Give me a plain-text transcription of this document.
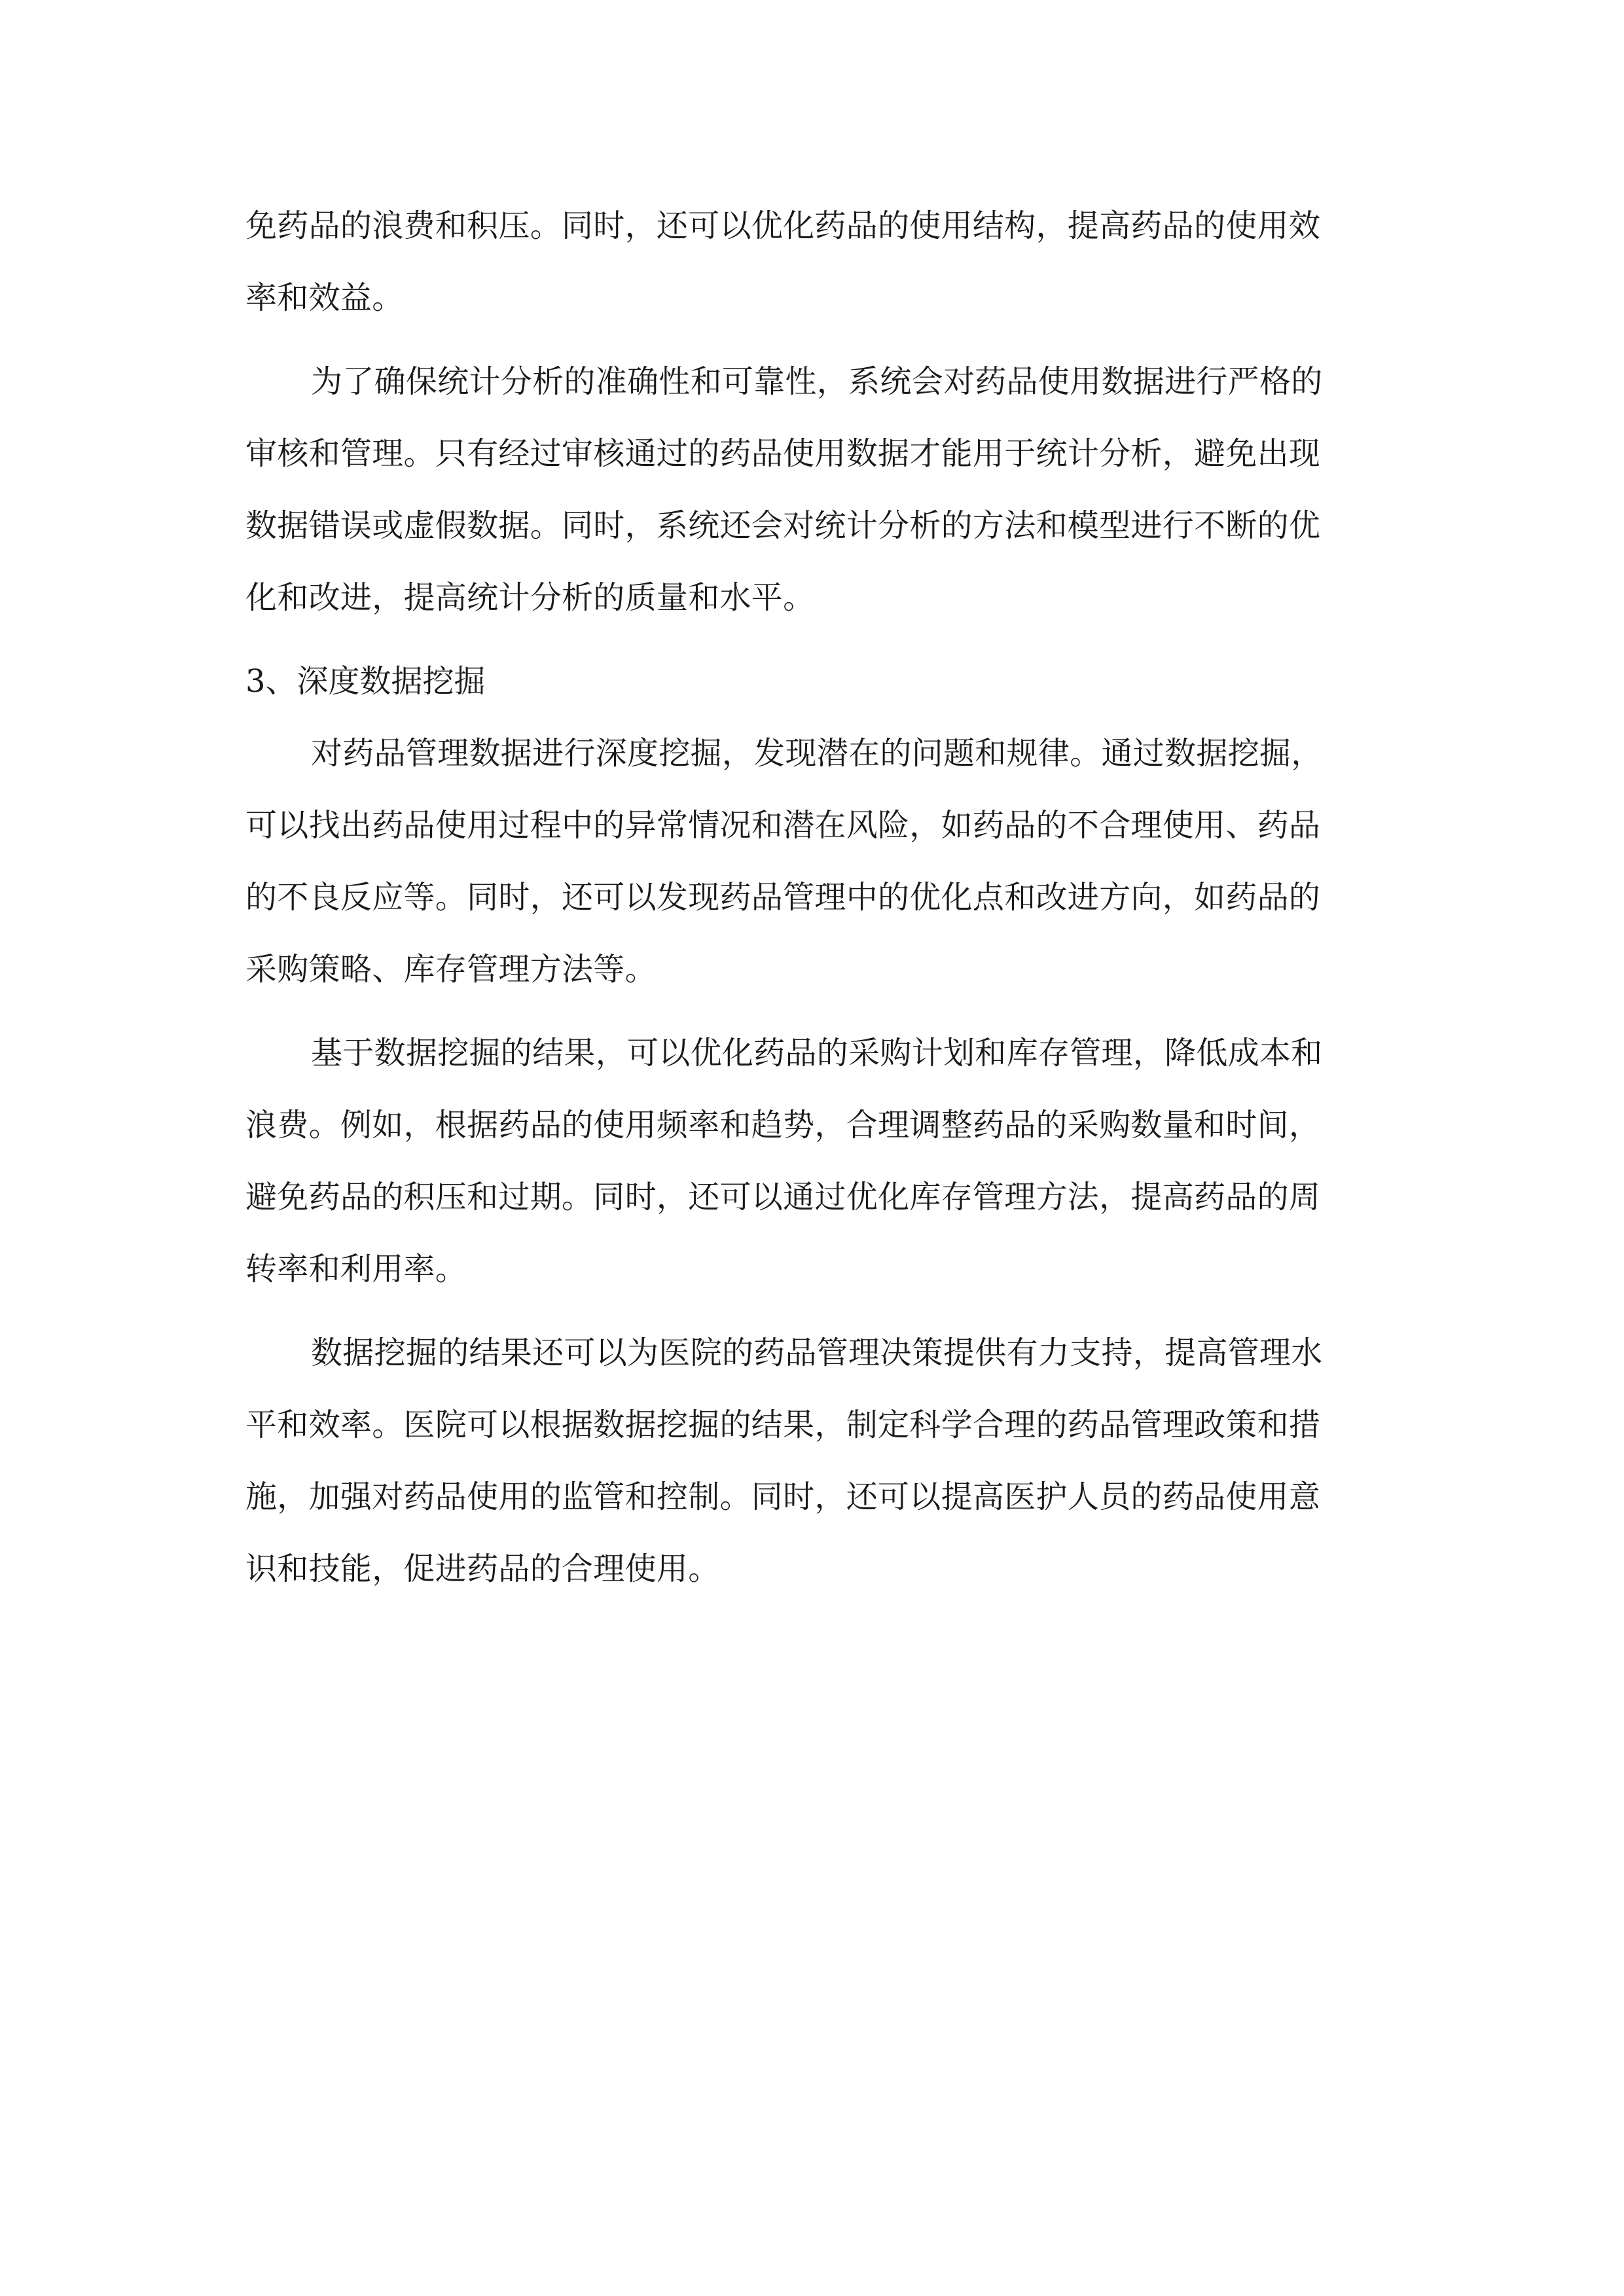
免药品的浪费和积压。同时，还可以优化药品的使用结构，提高药品的使用效
率和效益。
为了确保统计分析的准确性和可靠性，系统会对药品使用数据进行严格的
审核和管理。只有经过审核通过的药品使用数据才能用于统计分析，避免出现
数据错误或虚假数据。同时，系统还会对统计分析的方法和模型进行不断的优
化和改进，提高统计分析的质量和水平。
3、深度数据挖掘
对药品管理数据进行深度挖掘，发现潜在的问题和规律。通过数据挖掘，
可以找出药品使用过程中的异常情况和潜在风险，如药品的不合理使用、药品
的不良反应等。同时，还可以发现药品管理中的优化点和改进方向，如药品的
采购策略、库存管理方法等。
基于数据挖掘的结果，可以优化药品的采购计划和库存管理，降低成本和
浪费。例如，根据药品的使用频率和趋势，合理调整药品的采购数量和时间，
避免药品的积压和过期。同时，还可以通过优化库存管理方法，提高药品的周
转率和利用率。
数据挖掘的结果还可以为医院的药品管理决策提供有力支持，提高管理水
平和效率。医院可以根据数据挖掘的结果，制定科学合理的药品管理政策和措
施，加强对药品使用的监管和控制。同时，还可以提高医护人员的药品使用意
识和技能，促进药品的合理使用。
